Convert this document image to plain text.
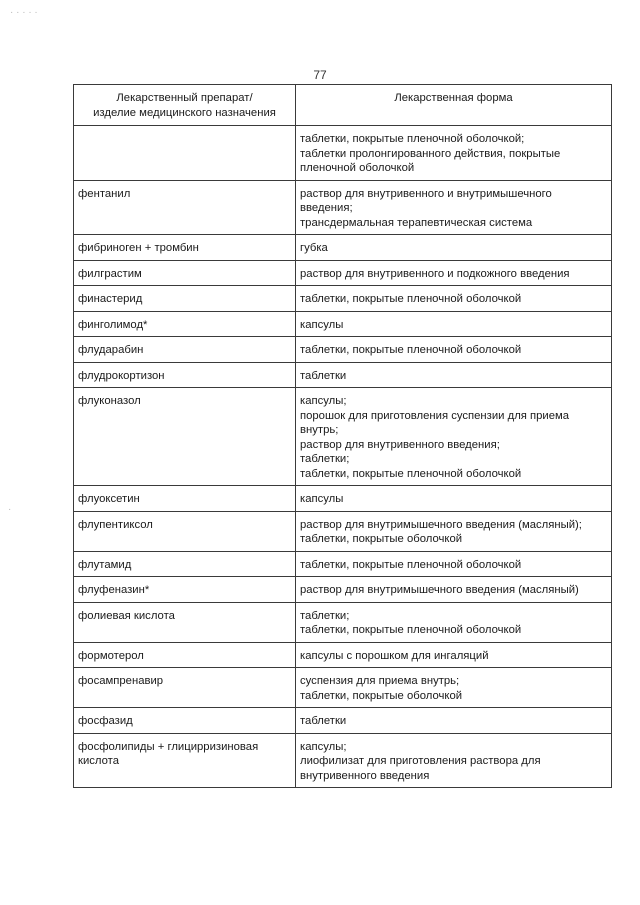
· · · · ·
·
77
Лекарственный препарат/
изделие медицинского назначения	Лекарственная форма

	таблетки, покрытые пленочной оболочкой;
таблетки пролонгированного действия, покрытые пленочной оболочкой

фентанил	раствор для внутривенного и внутримышечного введения;
трансдермальная терапевтическая система

фибриноген + тромбин	губка

филграстим	раствор для внутривенного и подкожного введения

финастерид	таблетки, покрытые пленочной оболочкой

финголимод*	капсулы

флударабин	таблетки, покрытые пленочной оболочкой

флудрокортизон	таблетки

флуконазол	капсулы;
порошок для приготовления суспензии для приема внутрь;
раствор для внутривенного введения;
таблетки;
таблетки, покрытые пленочной оболочкой

флуоксетин	капсулы

флупентиксол	раствор для внутримышечного введения (масляный);
таблетки, покрытые оболочкой

флутамид	таблетки, покрытые пленочной оболочкой

флуфеназин*	раствор для внутримышечного введения (масляный)

фолиевая кислота	таблетки;
таблетки, покрытые пленочной оболочкой

формотерол	капсулы с порошком для ингаляций

фосампренавир	суспензия для приема внутрь;
таблетки, покрытые оболочкой

фосфазид	таблетки

фосфолипиды + глицирризиновая кислота	капсулы;
лиофилизат для приготовления раствора для внутривенного введения
